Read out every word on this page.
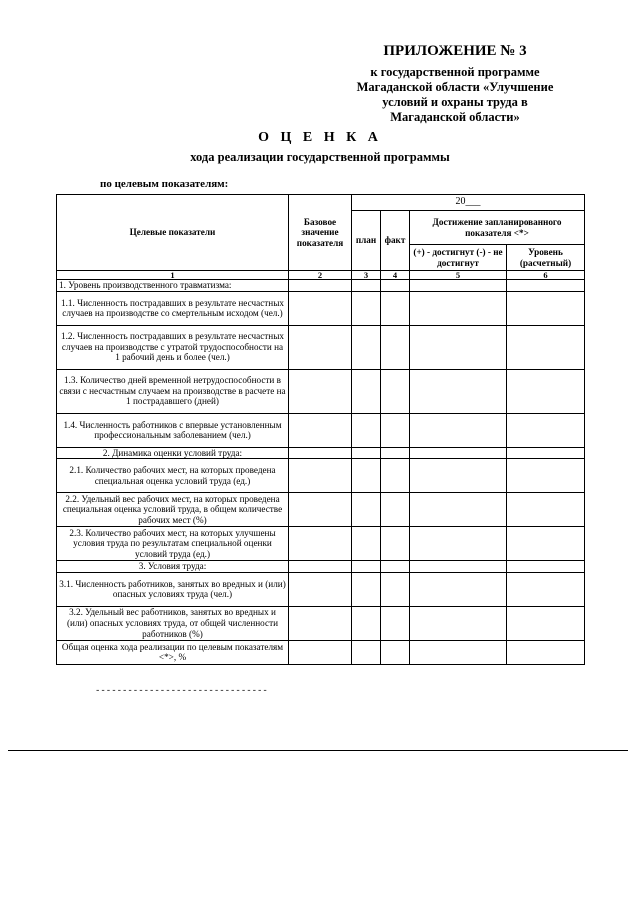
ПРИЛОЖЕНИЕ № 3
к государственной программе
Магаданской области «Улучшение
условий и охраны труда в
Магаданской области»
О Ц Е Н К А
хода реализации государственной программы
по целевым показателям:
Целевые показатели	Базовое значение показателя	20___			
		план	факт	Достижение запланированного показателя <*>	
				(+) - достигнут (-) - не достигнут	Уровень (расчетный)
1	2	3	4	5	6
1. Уровень производственного травматизма:					
1.1. Численность пострадавших в результате несчастных случаев на производстве со смертельным исходом (чел.)					
1.2. Численность пострадавших в результате несчастных случаев на производстве с утратой трудоспособности на 1 рабочий день и более (чел.)					
1.3. Количество дней временной нетрудоспособности в связи с несчастным случаем на производстве в расчете на 1 пострадавшего (дней)					
1.4. Численность работников с впервые установленным профессиональным заболеванием (чел.)					
2. Динамика оценки условий труда:					
2.1. Количество рабочих мест, на которых проведена специальная оценка условий труда (ед.)					
2.2. Удельный вес рабочих мест, на которых проведена специальная оценка условий труда, в общем количестве рабочих мест (%)					
2.3. Количество рабочих мест, на которых улучшены условия труда по результатам специальной оценки условий труда (ед.)					
3. Условия труда:					
3.1. Численность работников, занятых во вредных и (или) опасных условиях труда (чел.)					
3.2. Удельный вес работников, занятых во вредных и (или) опасных условиях труда, от общей численности работников (%)					
Общая оценка хода реализации по целевым показателям <*>, %					
--------------------------------
